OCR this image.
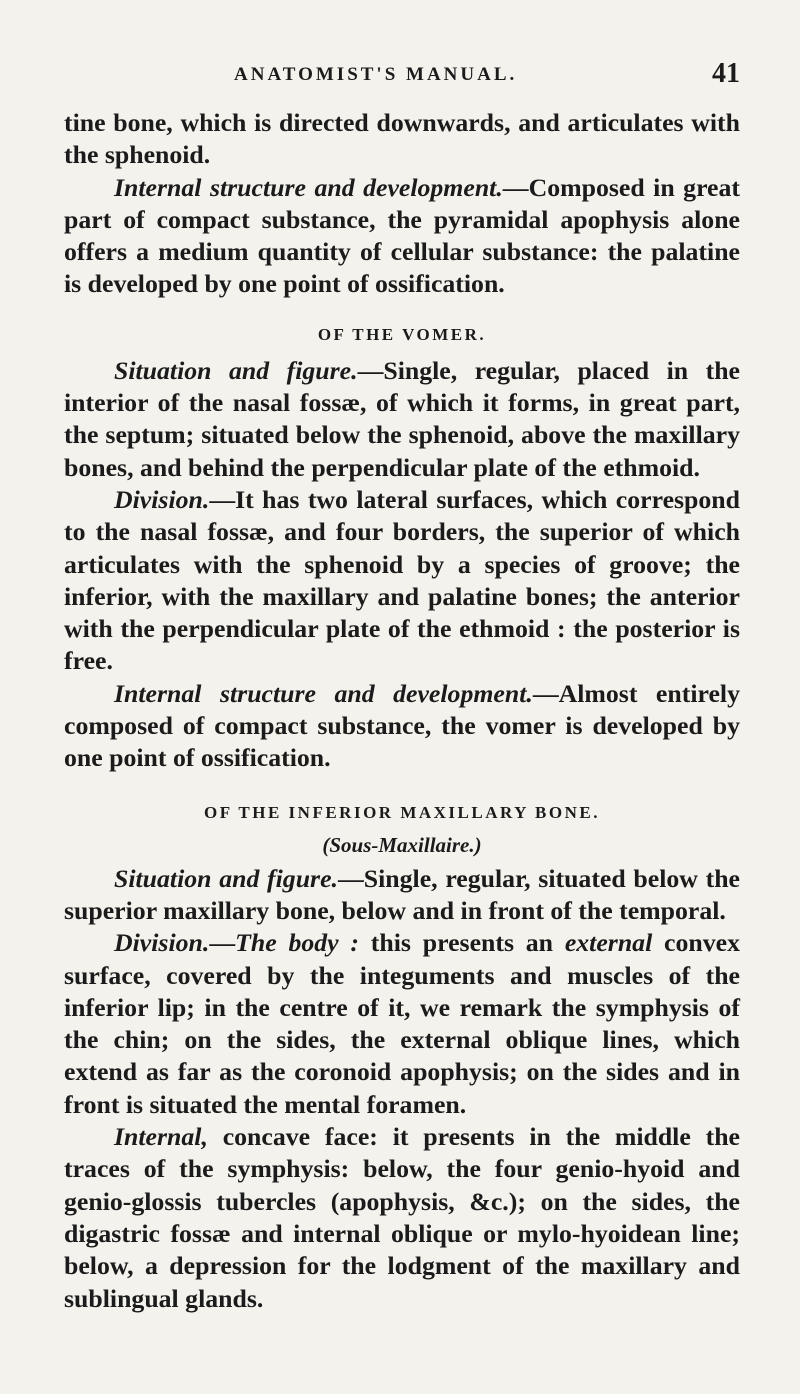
ANATOMIST'S MANUAL.	41

tine bone, which is directed downwards, and articulates with the sphenoid.

Internal structure and development.—Composed in great part of compact substance, the pyramidal apophysis alone offers a medium quantity of cellular substance: the palatine is developed by one point of ossification.

OF THE VOMER.

Situation and figure.—Single, regular, placed in the interior of the nasal fossæ, of which it forms, in great part, the septum; situated below the sphenoid, above the maxillary bones, and behind the perpendicular plate of the ethmoid.

Division.—It has two lateral surfaces, which correspond to the nasal fossæ, and four borders, the superior of which articulates with the sphenoid by a species of groove; the inferior, with the maxillary and palatine bones; the anterior with the perpendicular plate of the ethmoid : the posterior is free.

Internal structure and development.—Almost entirely composed of compact substance, the vomer is developed by one point of ossification.

OF THE INFERIOR MAXILLARY BONE.
(Sous-Maxillaire.)

Situation and figure.—Single, regular, situated below the superior maxillary bone, below and in front of the temporal.

Division.—The body : this presents an external convex surface, covered by the integuments and muscles of the inferior lip; in the centre of it, we remark the symphysis of the chin; on the sides, the external oblique lines, which extend as far as the coronoid apophysis; on the sides and in front is situated the mental foramen.

Internal, concave face: it presents in the middle the traces of the symphysis: below, the four genio-hyoid and genio-glossis tubercles (apophysis, &c.); on the sides, the digastric fossæ and internal oblique or mylo-hyoidean line; below, a depression for the lodgment of the maxillary and sublingual glands.
